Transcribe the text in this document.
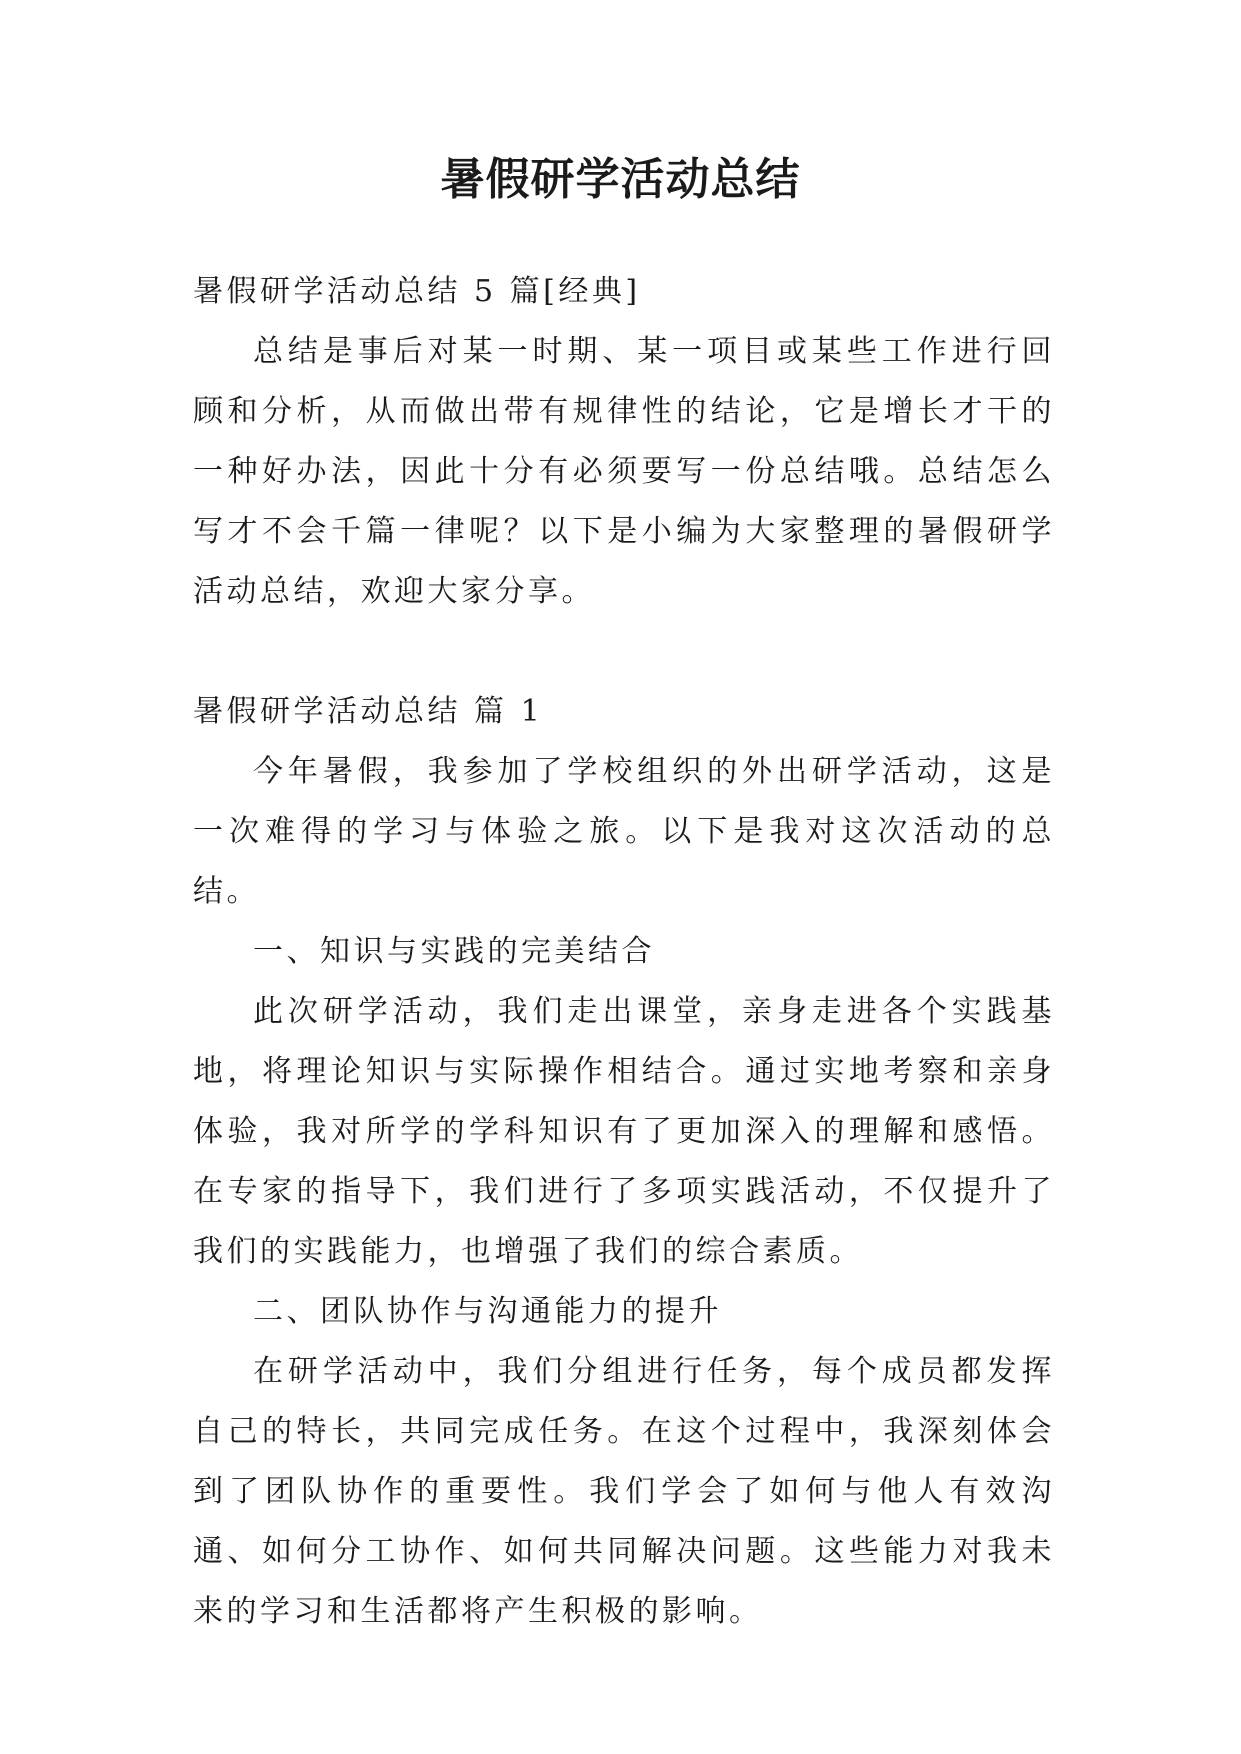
暑假研学活动总结

暑假研学活动总结 5 篇[经典]

总结是事后对某一时期、某一项目或某些工作进行回顾和分析，从而做出带有规律性的结论，它是增长才干的一种好办法，因此十分有必须要写一份总结哦。总结怎么写才不会千篇一律呢？以下是小编为大家整理的暑假研学活动总结，欢迎大家分享。

暑假研学活动总结 篇 1

今年暑假，我参加了学校组织的外出研学活动，这是一次难得的学习与体验之旅。以下是我对这次活动的总结。

一、知识与实践的完美结合

此次研学活动，我们走出课堂，亲身走进各个实践基地，将理论知识与实际操作相结合。通过实地考察和亲身体验，我对所学的学科知识有了更加深入的理解和感悟。在专家的指导下，我们进行了多项实践活动，不仅提升了我们的实践能力，也增强了我们的综合素质。

二、团队协作与沟通能力的提升

在研学活动中，我们分组进行任务，每个成员都发挥自己的特长，共同完成任务。在这个过程中，我深刻体会到了团队协作的重要性。我们学会了如何与他人有效沟通、如何分工协作、如何共同解决问题。这些能力对我未来的学习和生活都将产生积极的影响。
